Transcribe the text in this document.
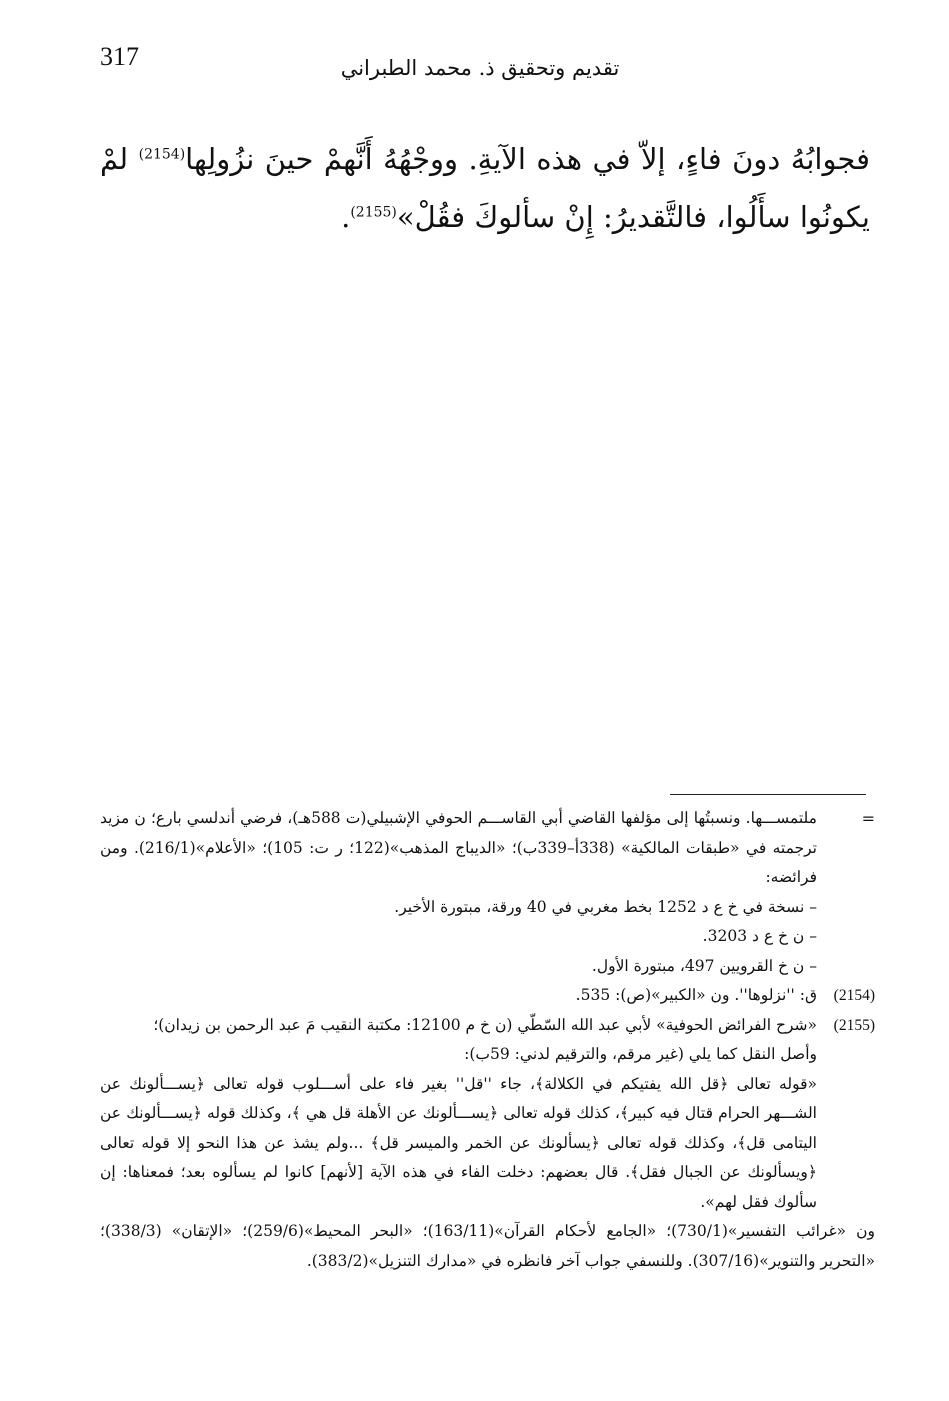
317	تقديم وتحقيق ذ. محمد الطبراني
فجوابُهُ دونَ فاءٍ، إلاّ في هذه الآيةِ. ووجْهُهُ أَنَّهمْ حينَ نزُولِها$^{(2154)}$ لمْ يكونُوا سأَلُوا، فالتَّقديرُ: إِنْ سألوكَ فقُلْ»$^{(2155)}$.
=
ملتمســـها. ونسبتُها إلى مؤلفها القاضي أبي القاســـم الحوفي الإشبيلي(ت 588هـ)، فرضي أندلسي بارع؛ ن مزيد ترجمته في «طبقات المالكية» (338أ–339ب)؛ «الديباج المذهب»(122؛ ر ت: 105)؛ «الأعلام»(216/1). ومن فرائضه:
– نسخة في خ ع د 1252 بخط مغربي في 40 ورقة، مبتورة الأخير.
– ن خ ع د 3203.
– ن خ القرويين 497، مبتورة الأول.
(2154)
ق: ''نزلوها''. ون «الكبير»(ص): 535.
(2155)
«شرح الفرائض الحوفية» لأبي عبد الله السّطّي (ن خ م 12100: مكتبة النقيب مَ عبد الرحمن بن زيدان)؛
وأصل النقل كما يلي (غير مرقم، والترقيم لدني: 59ب):
«قوله تعالى ﴿قل الله يفتيكم في الكلالة﴾، جاء ''قل'' بغير فاء على أســـلوب قوله تعالى ﴿يســـألونك عن الشـــهر الحرام قتال فيه كبير﴾، كذلك قوله تعالى ﴿يســـألونك عن الأهلة قل هي ﴾، وكذلك قوله ﴿يســـألونك عن اليتامى قل﴾، وكذلك قوله تعالى ﴿يسألونك عن الخمر والميسر قل﴾ ...ولم يشذ عن هذا النحو إلا قوله تعالى ﴿ويسألونك عن الجبال فقل﴾. قال بعضهم: دخلت الفاء في هذه الآية [لأنهم] كانوا لم يسألوه بعد؛ فمعناها: إن سألوك فقل لهم».
ون «غرائب التفسير»(730/1)؛ «الجامع لأحكام القرآن»(163/11)؛ «البحر المحيط»(259/6)؛ «الإتقان» (338/3)؛ «التحرير والتنوير»(307/16). وللنسفي جواب آخر فانظره في «مدارك التنزيل»(383/2).
